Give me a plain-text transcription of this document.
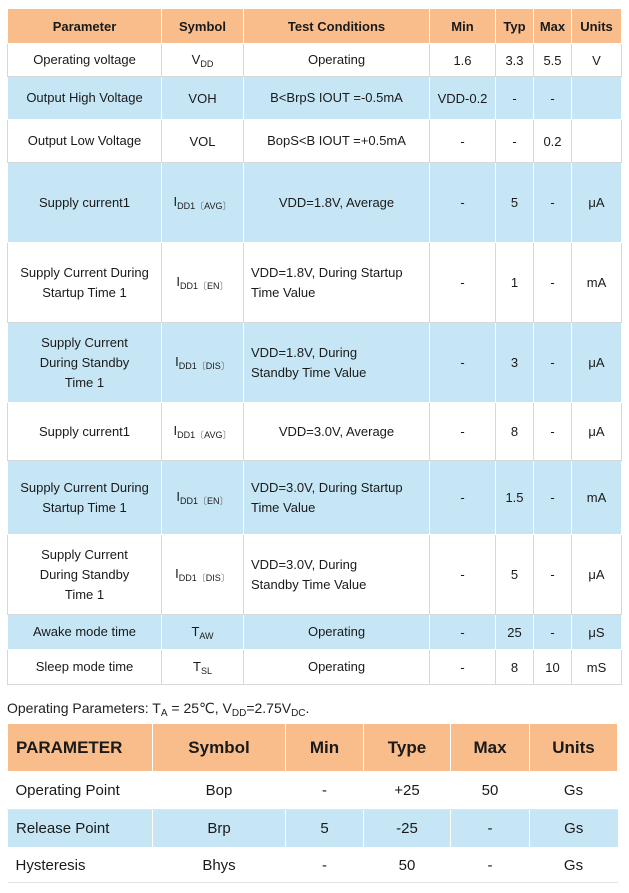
Parameter	Symbol	Test Conditions	Min	Typ	Max	Units

Operating voltage	$V_{DD}$	Operating	1.6	3.3	5.5	V

Output High Voltage	VOH	B<BrpS IOUT =-0.5mA	VDD-0.2	-	-	

Output Low Voltage	VOL	BopS<B IOUT =+0.5mA	-	-	0.2	

Supply current1	$I_{DD1〔AVG〕}$	VDD=1.8V, Average	-	5	-	μA
Supply Current During Startup Time 1	$I_{DD1〔EN〕}$	VDD=1.8V, During Startup Time Value	-	1	-	mA
Supply Current During Standby Time 1	$I_{DD1〔DIS〕}$	VDD=1.8V, During Standby Time Value	-	3	-	μA

Supply current1	$I_{DD1〔AVG〕}$	VDD=3.0V, Average	-	8	-	μA
Supply Current During Startup Time 1	$I_{DD1〔EN〕}$	VDD=3.0V, During Startup Time Value	-	1.5	-	mA
Supply Current During Standby Time 1	$I_{DD1〔DIS〕}$	VDD=3.0V, During Standby Time Value	-	5	-	μA

Awake mode time	$T_{AW}$	Operating	-	25	-	μS

Sleep mode time	$T_{SL}$	Operating	-	8	10	mS
Operating Parameters: $T_A$ = 25℃, $V_{DD}=2.75V_{DC}$.
PARAMETER	Symbol	Min	Type	Max	Units
Operating Point	Bop	-	+25	50	Gs
Release Point	Brp	5	-25	-	Gs
Hysteresis	Bhys	-	50	-	Gs
